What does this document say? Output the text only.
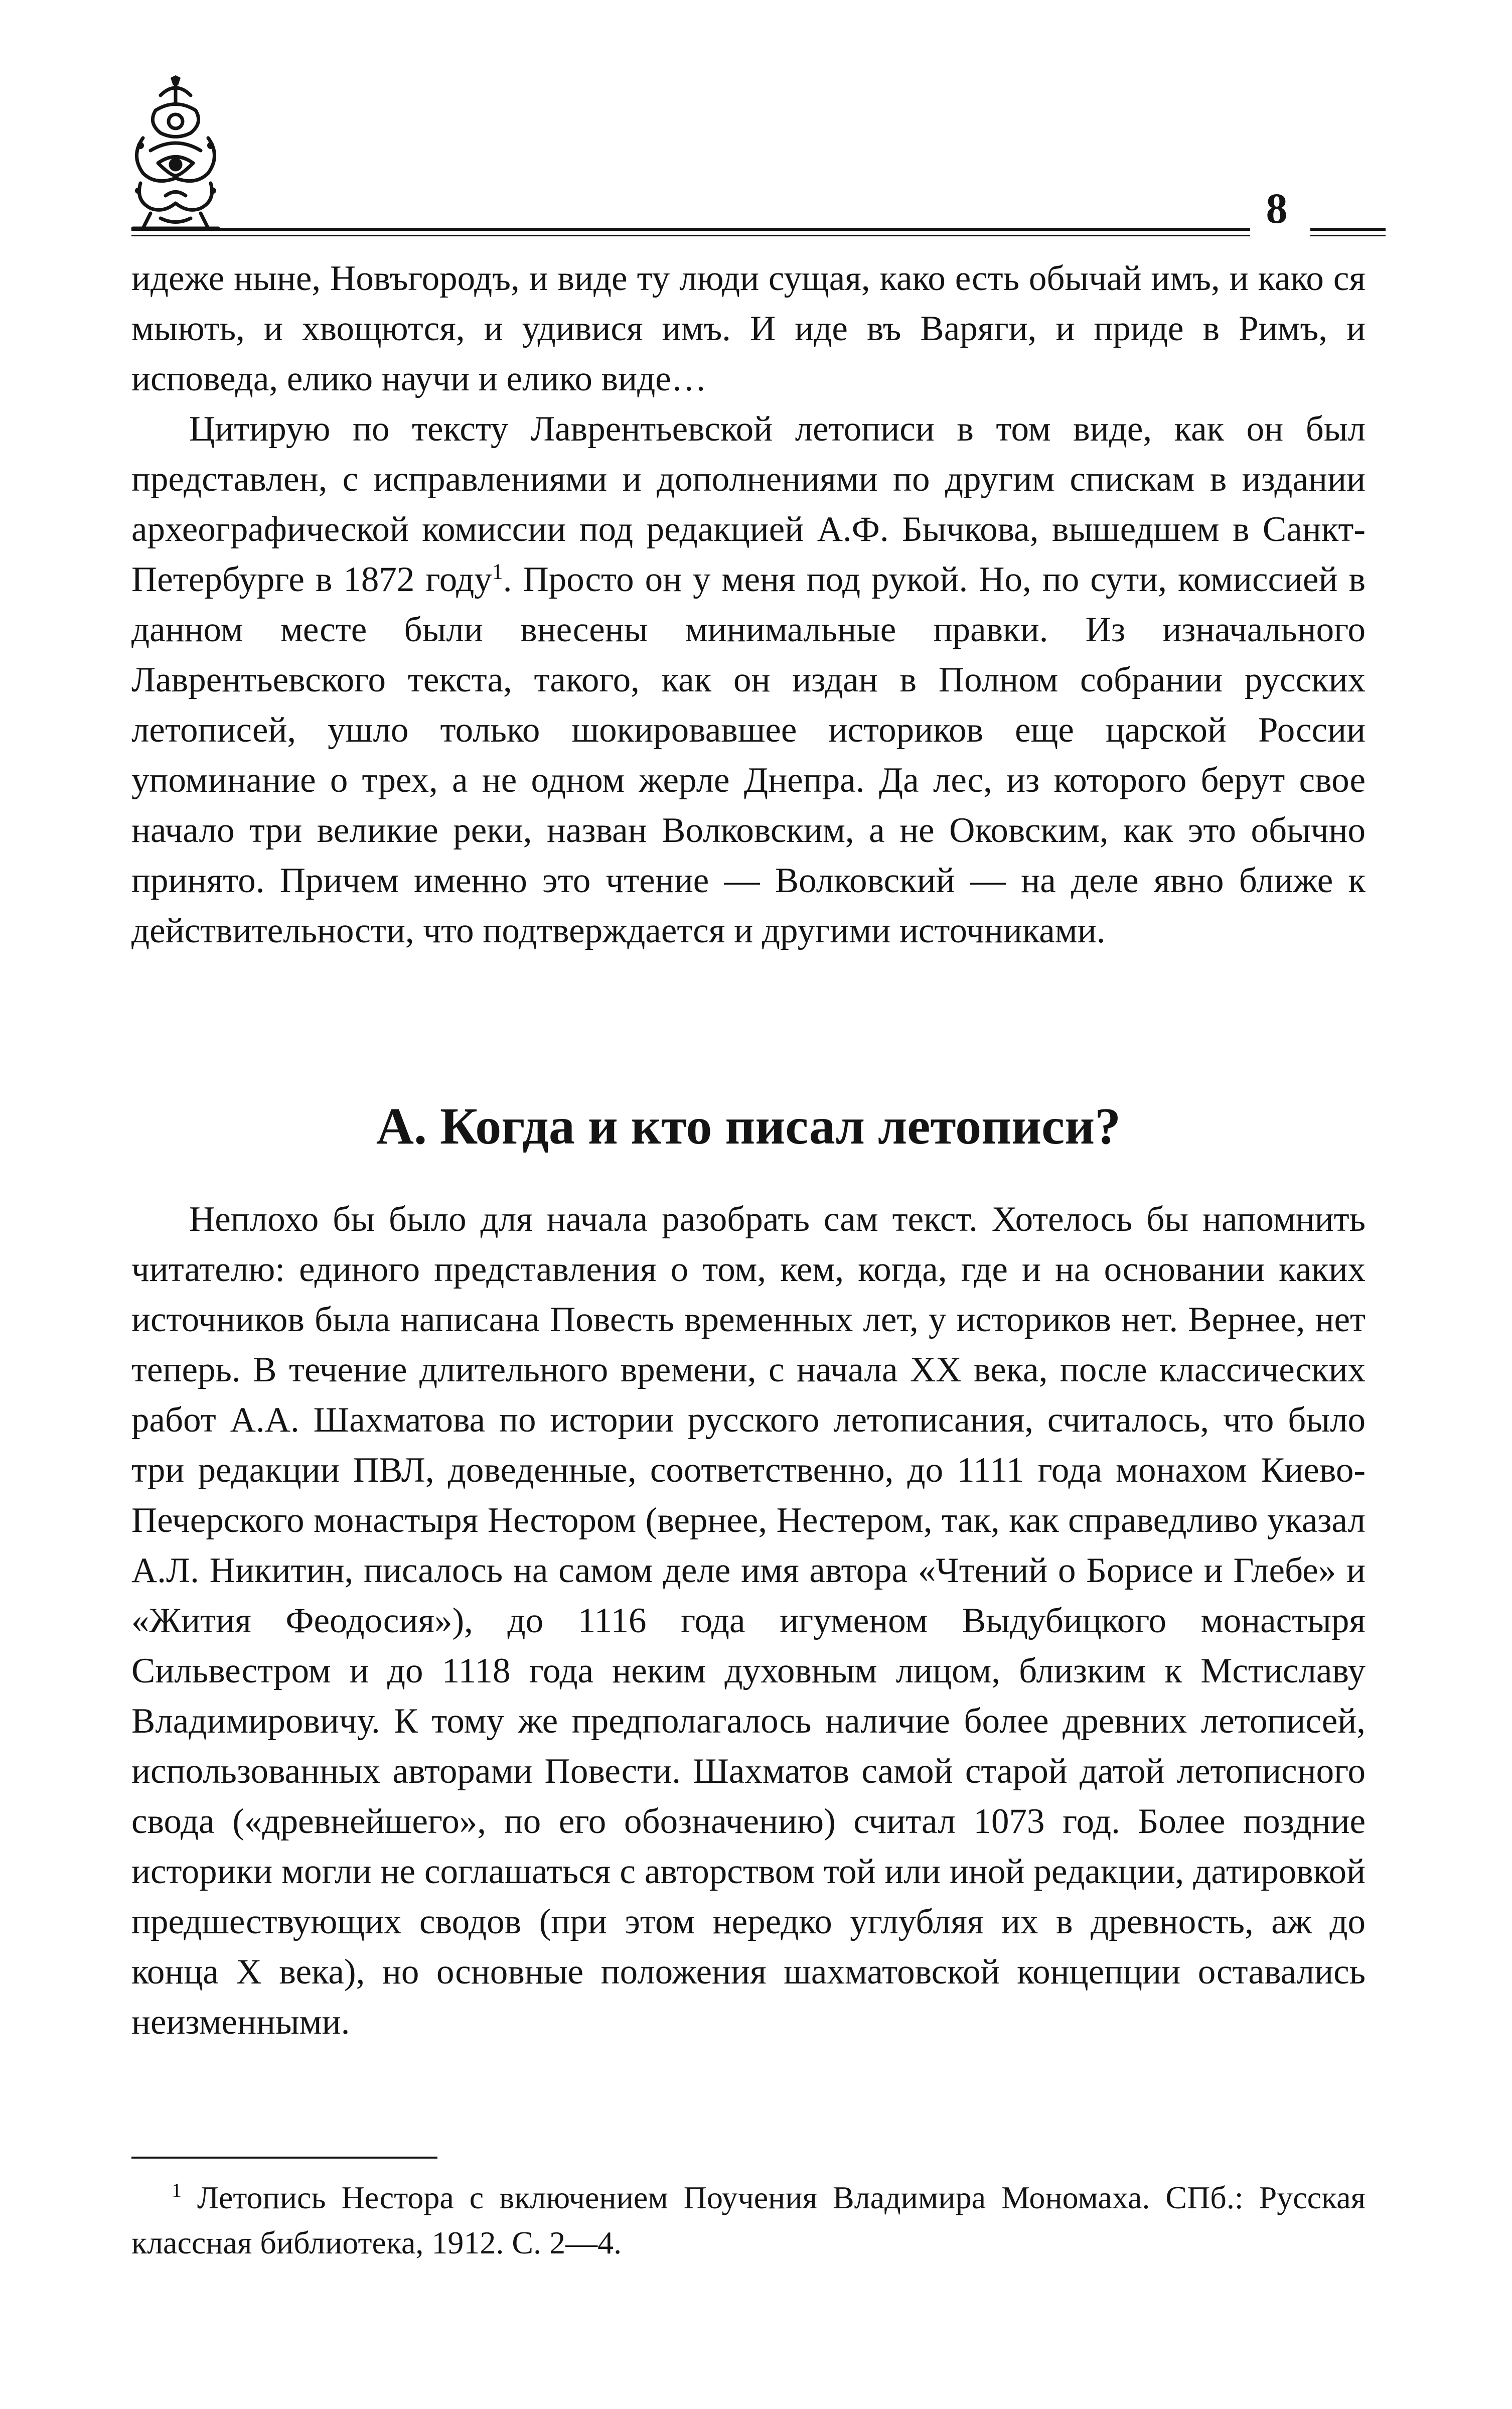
8

идеже ныне, Новъгородъ, и виде ту люди сущая, како есть обычай имъ, и како ся мыють, и хвощются, и удивися имъ. И иде въ Варяги, и приде в Римъ, и исповеда, елико научи и елико виде…

Цитирую по тексту Лаврентьевской летописи в том виде, как он был представлен, с исправлениями и дополнениями по другим спискам в издании археографической комиссии под редакцией А.Ф. Бычкова, вышедшем в Санкт-Петербурге в 1872 году$^1$. Просто он у меня под рукой. Но, по сути, комиссией в данном месте были внесены минимальные правки. Из изначального Лаврентьевского текста, такого, как он издан в Полном собрании русских летописей, ушло только шокировавшее историков еще царской России упоминание о трех, а не одном жерле Днепра. Да лес, из которого берут свое начало три великие реки, назван Волковским, а не Оковским, как это обычно принято. Причем именно это чтение — Волковский — на деле явно ближе к действительности, что подтверждается и другими источниками.

А. Когда и кто писал летописи?

Неплохо бы было для начала разобрать сам текст. Хотелось бы напомнить читателю: единого представления о том, кем, когда, где и на основании каких источников была написана Повесть временных лет, у историков нет. Вернее, нет теперь. В течение длительного времени, с начала XX века, после классических работ А.А. Шахматова по истории русского летописания, считалось, что было три редакции ПВЛ, доведенные, соответственно, до 1111 года монахом Киево-Печерского монастыря Нестором (вернее, Нестером, так, как справедливо указал А.Л. Никитин, писалось на самом деле имя автора «Чтений о Борисе и Глебе» и «Жития Феодосия»), до 1116 года игуменом Выдубицкого монастыря Сильвестром и до 1118 года неким духовным лицом, близким к Мстиславу Владимировичу. К тому же предполагалось наличие более древних летописей, использованных авторами Повести. Шахматов самой старой датой летописного свода («древнейшего», по его обозначению) считал 1073 год. Более поздние историки могли не соглашаться с авторством той или иной редакции, датировкой предшествующих сводов (при этом нередко углубляя их в древность, аж до конца X века), но основные положения шахматовской концепции оставались неизменными.

$^1$ Летопись Нестора с включением Поучения Владимира Мономаха. СПб.: Русская классная библиотека, 1912. С. 2—4.
